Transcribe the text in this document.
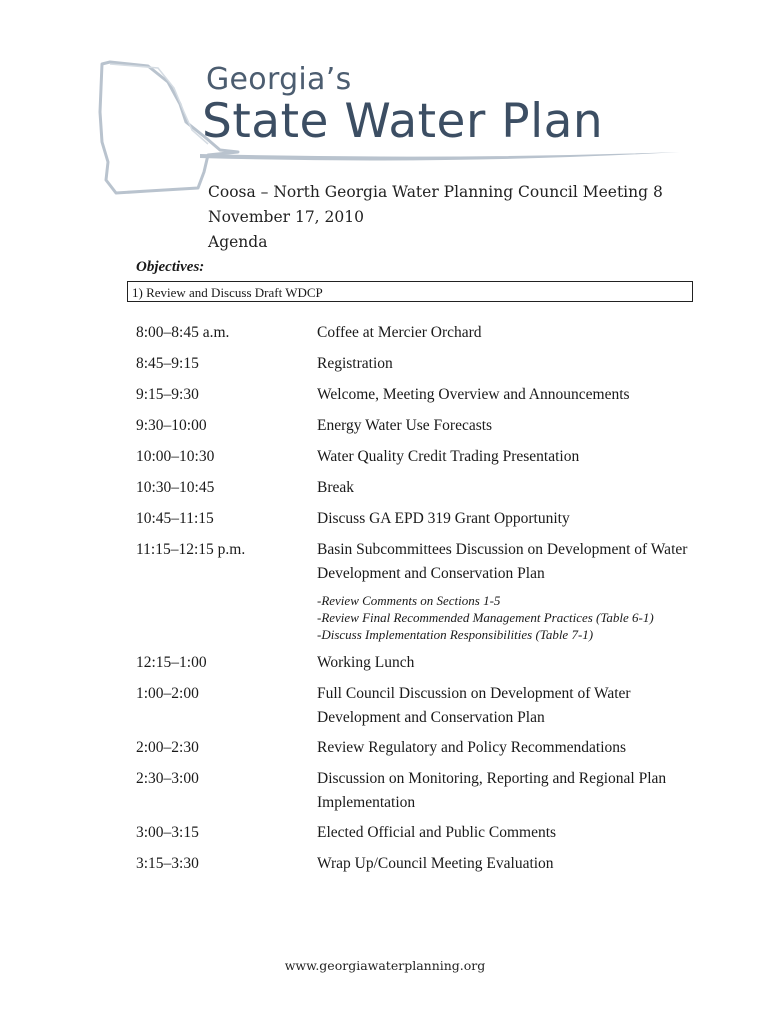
Georgia’s
State Water Plan
Coosa – North Georgia Water Planning Council Meeting 8
November 17, 2010
Agenda
Objectives:
1) Review and Discuss Draft WDCP
8:00–8:45 a.m.	Coffee at Mercier Orchard
8:45–9:15	Registration
9:15–9:30	Welcome, Meeting Overview and Announcements
9:30–10:00	Energy Water Use Forecasts
10:00–10:30	Water Quality Credit Trading Presentation
10:30–10:45	Break
10:45–11:15	Discuss GA EPD 319 Grant Opportunity
11:15–12:15 p.m.	Basin Subcommittees Discussion on Development of Water Development and Conservation Plan
-Review Comments on Sections 1-5
-Review Final Recommended Management Practices (Table 6-1)
-Discuss Implementation Responsibilities (Table 7-1)
12:15–1:00	Working Lunch
1:00–2:00	Full Council Discussion on Development of Water Development and Conservation Plan
2:00–2:30	Review Regulatory and Policy Recommendations
2:30–3:00	Discussion on Monitoring, Reporting and Regional Plan Implementation
3:00–3:15	Elected Official and Public Comments
3:15–3:30	Wrap Up/Council Meeting Evaluation
www.georgiawaterplanning.org
